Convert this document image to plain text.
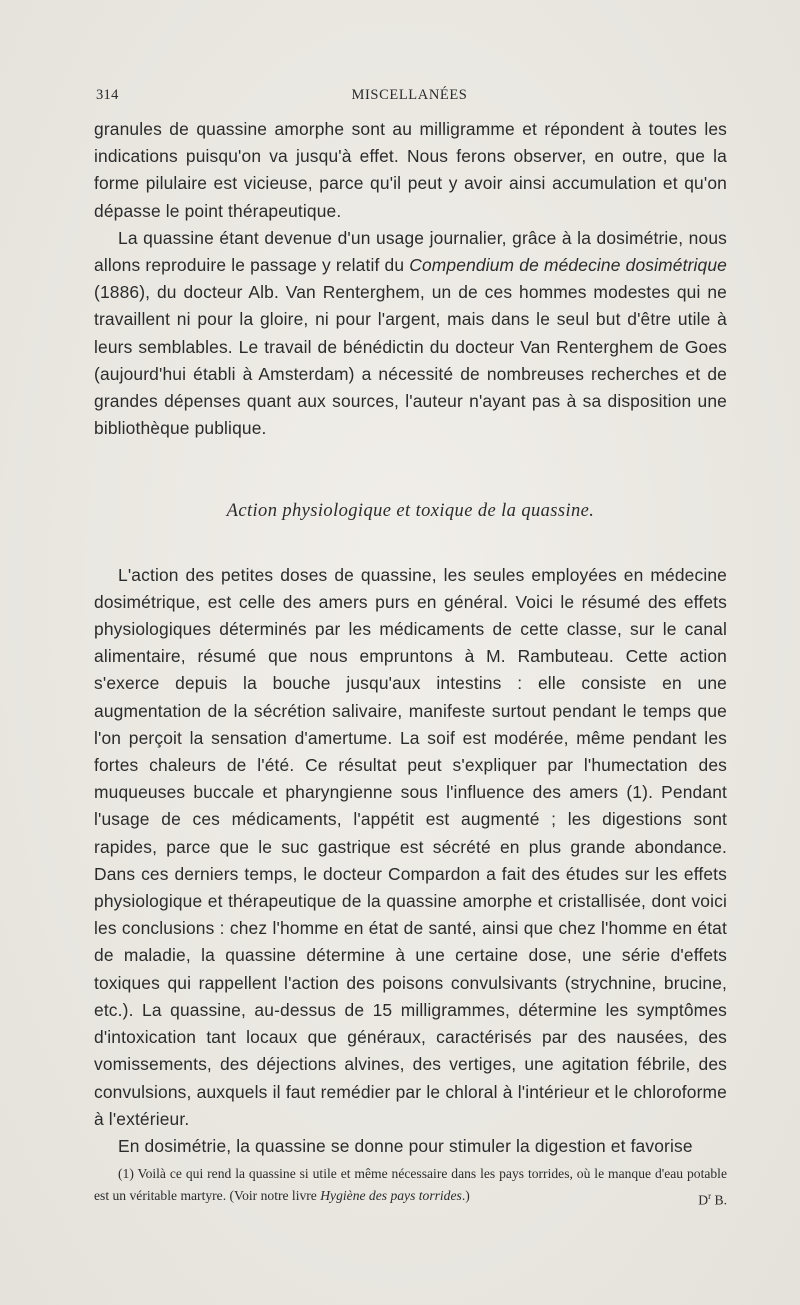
314	MISCELLANÉES

granules de quassine amorphe sont au milligramme et répondent à toutes les indications puisqu'on va jusqu'à effet. Nous ferons observer, en outre, que la forme pilulaire est vicieuse, parce qu'il peut y avoir ainsi accumulation et qu'on dépasse le point thérapeutique.

La quassine étant devenue d'un usage journalier, grâce à la dosimétrie, nous allons reproduire le passage y relatif du Compendium de médecine dosimétrique (1886), du docteur Alb. Van Renterghem, un de ces hommes modestes qui ne travaillent ni pour la gloire, ni pour l'argent, mais dans le seul but d'être utile à leurs semblables. Le travail de bénédictin du docteur Van Renterghem de Goes (aujourd'hui établi à Amsterdam) a nécessité de nombreuses recherches et de grandes dépenses quant aux sources, l'auteur n'ayant pas à sa disposition une bibliothèque publique.

Action physiologique et toxique de la quassine.

L'action des petites doses de quassine, les seules employées en médecine dosimétrique, est celle des amers purs en général. Voici le résumé des effets physiologiques déterminés par les médicaments de cette classe, sur le canal alimentaire, résumé que nous empruntons à M. Rambuteau. Cette action s'exerce depuis la bouche jusqu'aux intestins : elle consiste en une augmentation de la sécrétion salivaire, manifeste surtout pendant le temps que l'on perçoit la sensation d'amertume. La soif est modérée, même pendant les fortes chaleurs de l'été. Ce résultat peut s'expliquer par l'humectation des muqueuses buccale et pharyngienne sous l'influence des amers (1). Pendant l'usage de ces médicaments, l'appétit est augmenté ; les digestions sont rapides, parce que le suc gastrique est sécrété en plus grande abondance. Dans ces derniers temps, le docteur Compardon a fait des études sur les effets physiologique et thérapeutique de la quassine amorphe et cristallisée, dont voici les conclusions : chez l'homme en état de santé, ainsi que chez l'homme en état de maladie, la quassine détermine à une certaine dose, une série d'effets toxiques qui rappellent l'action des poisons convulsivants (strychnine, brucine, etc.). La quassine, au-dessus de 15 milligrammes, détermine les symptômes d'intoxication tant locaux que généraux, caractérisés par des nausées, des vomissements, des déjections alvines, des vertiges, une agitation fébrile, des convulsions, auxquels il faut remédier par le chloral à l'intérieur et le chloroforme à l'extérieur.

En dosimétrie, la quassine se donne pour stimuler la digestion et favorise

(1) Voilà ce qui rend la quassine si utile et même nécessaire dans les pays torrides, où le manque d'eau potable est un véritable martyre. (Voir notre livre Hygiène des pays torrides.)	$D^r$ B.
